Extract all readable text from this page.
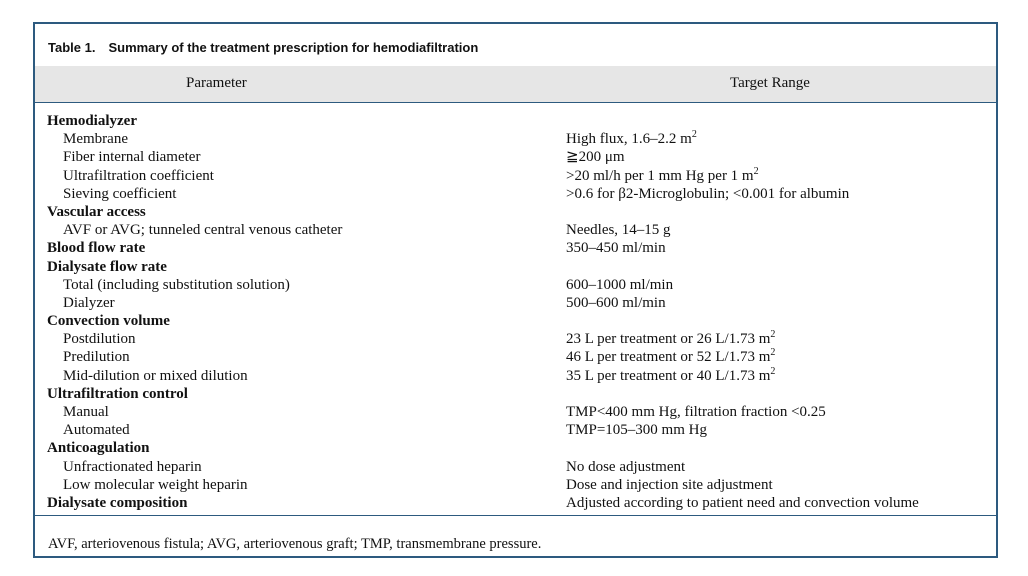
Table 1. Summary of the treatment prescription for hemodiafiltration
Parameter	Target Range
Hemodialyzer
Membrane	High flux, 1.6–2.2 $m^2$
Fiber internal diameter	≧200 μm
Ultrafiltration coefficient	>20 ml/h per 1 mm Hg per 1 $m^2$
Sieving coefficient	>0.6 for β2-Microglobulin; <0.001 for albumin
Vascular access
AVF or AVG; tunneled central venous catheter	Needles, 14–15 g
Blood flow rate	350–450 ml/min
Dialysate flow rate
Total (including substitution solution)	600–1000 ml/min
Dialyzer	500–600 ml/min
Convection volume
Postdilution	23 L per treatment or 26 L/1.73 $m^2$
Predilution	46 L per treatment or 52 L/1.73 $m^2$
Mid-dilution or mixed dilution	35 L per treatment or 40 L/1.73 $m^2$
Ultrafiltration control
Manual	TMP<400 mm Hg, filtration fraction <0.25
Automated	TMP=105–300 mm Hg
Anticoagulation
Unfractionated heparin	No dose adjustment
Low molecular weight heparin	Dose and injection site adjustment
Dialysate composition	Adjusted according to patient need and convection volume
AVF, arteriovenous fistula; AVG, arteriovenous graft; TMP, transmembrane pressure.
